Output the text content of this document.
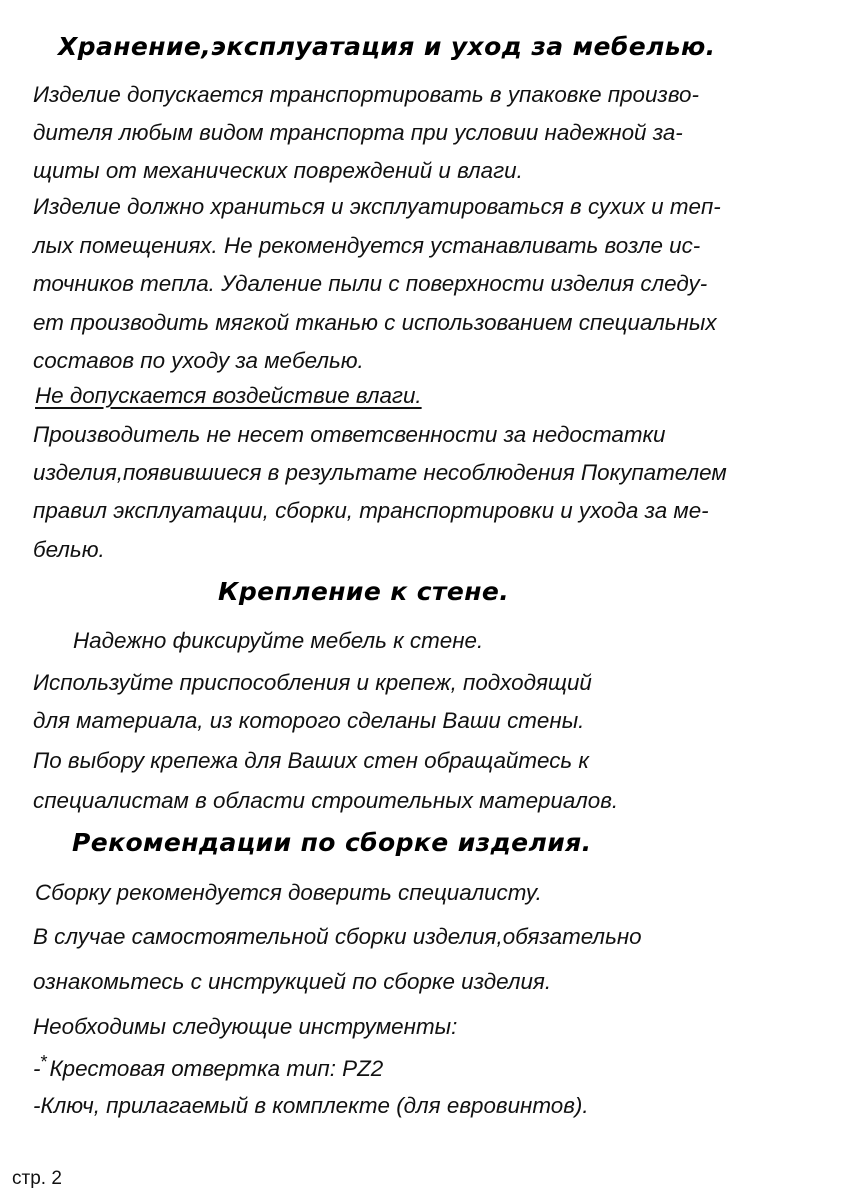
Хранение,эксплуатация и уход за мебелью.

Изделие допускается транспортировать в упаковке произво-

дителя любым видом транспорта при условии надежной за-

щиты от механических повреждений и влаги.

Изделие должно храниться и эксплуатироваться в сухих и теп-

лых помещениях. Не рекомендуется устанавливать возле ис-

точников тепла. Удаление пыли с поверхности изделия следу-

ет производить мягкой тканью с использованием специальных

составов по уходу за мебелью.

Не допускается воздействие влаги.

Производитель не несет ответсвенности за недостатки

изделия,появившиеся в результате несоблюдения Покупателем

правил эксплуатации, сборки, транспортировки и ухода за ме-

белью.

Крепление к стене.

Надежно фиксируйте мебель к стене.

Используйте приспособления и крепеж, подходящий

для материала, из которого сделаны Ваши стены.

По выбору крепежа для Ваших стен обращайтесь к

специалистам в области строительных материалов.

Рекомендации по сборке изделия.

Сборку рекомендуется доверить специалисту.

В случае самостоятельной сборки изделия,обязательно

ознакомьтесь с инструкцией по сборке изделия.

Необходимы следующие инструменты:

-*Крестовая отвертка тип: PZ2

-Ключ, прилагаемый в комплекте (для евровинтов).

стр. 2
